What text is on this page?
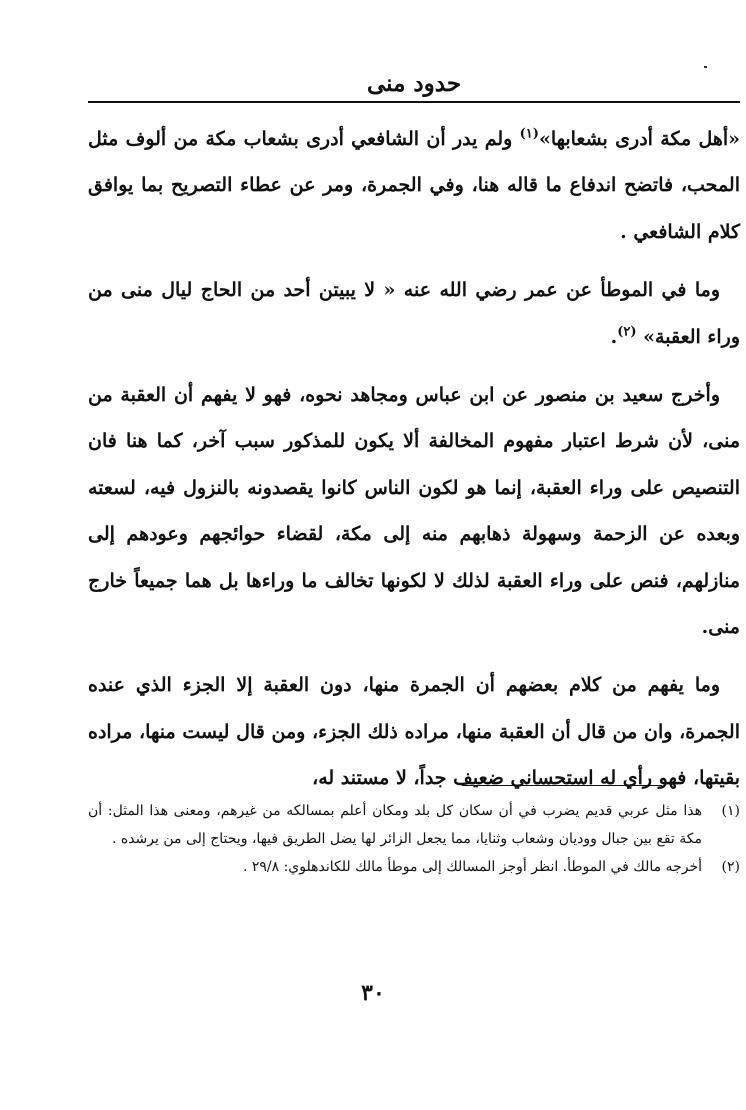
حدود منى

«أهل مكة أدرى بشعابها»$^{(١)}$ ولم يدر أن الشافعي أدرى بشعاب مكة من ألوف مثل المحب، فاتضح اندفاع ما قاله هنا، وفي الجمرة، ومر عن عطاء التصريح بما يوافق كلام الشافعي .

وما في الموطأ عن عمر رضي الله عنه « لا يبيتن أحد من الحاج ليال منى من وراء العقبة» $^{(٢)}$.

وأخرج سعيد بن منصور عن ابن عباس ومجاهد نحوه، فهو لا يفهم أن العقبة من منى، لأن شرط اعتبار مفهوم المخالفة ألا يكون للمذكور سبب آخر، كما هنا فان التنصيص على وراء العقبة، إنما هو لكون الناس كانوا يقصدونه بالنزول فيه، لسعته وبعده عن الزحمة وسهولة ذهابهم منه إلى مكة، لقضاء حوائجهم وعودهم إلى منازلهم، فنص على وراء العقبة لذلك لا لكونها تخالف ما وراءها بل هما جميعاً خارج منى.

وما يفهم من كلام بعضهم أن الجمرة منها، دون العقبة إلا الجزء الذي عنده الجمرة، وان من قال أن العقبة منها، مراده ذلك الجزء، ومن قال ليست منها، مراده بقيتها، فهو رأي له استحساني ضعيف جداً، لا مستند له،

(١)هذا مثل عربي قديم يضرب في أن سكان كل بلد ومكان أعلم بمسالكه من غيرهم، ومعنى هذا المثل: أن مكة تقع بين جبال ووديان وشعاب وثنايا، مما يجعل الزائر لها يضل الطريق فيها، ويحتاج إلى من يرشده .

(٢)أخرجه مالك في الموطأ. انظر أوجز المسالك إلى موطأ مالك للكاندهلوي: ٢٩/٨ .

٣٠
